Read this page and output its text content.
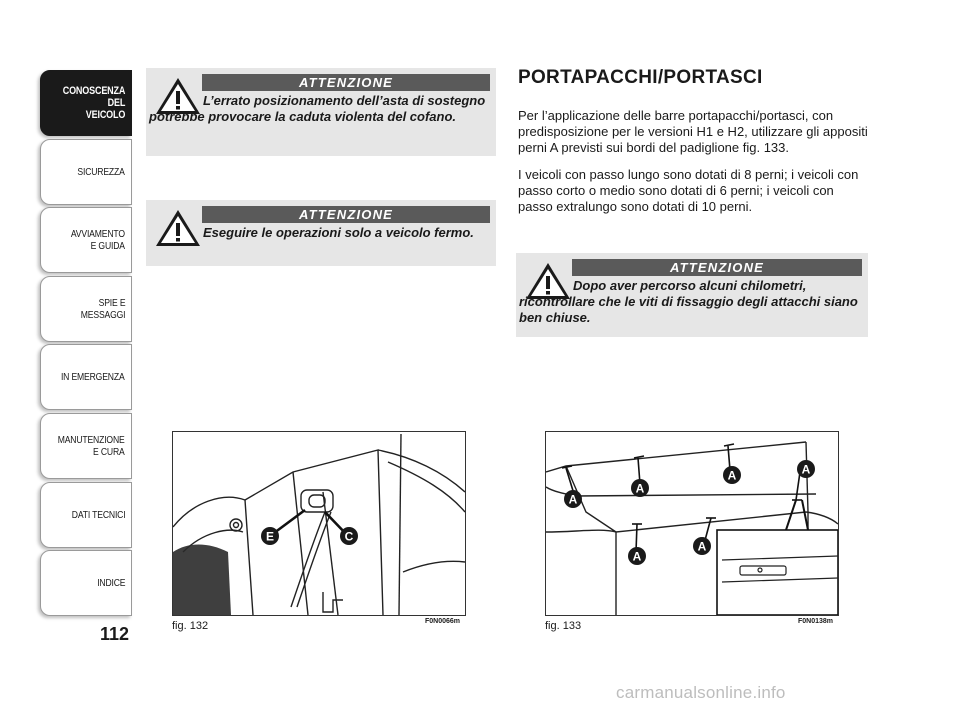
CONOSCENZA
DEL
VEICOLO
SICUREZZA
AVVIAMENTO
E GUIDA
SPIE E
MESSAGGI
IN EMERGENZA
MANUTENZIONE
E CURA
DATI TECNICI
INDICE
112
ATTENZIONE
L’errato posizionamento dell’asta di sostegno potrebbe provocare la caduta violenta del cofano.
ATTENZIONE
Eseguire le operazioni solo a veicolo fermo.
ATTENZIONE
Dopo aver percorso alcuni chilometri, ricontrollare che le viti di fissaggio degli attacchi siano ben chiuse.
PORTAPACCHI/PORTASCI

Per l’applicazione delle barre portapacchi/portasci, con predisposizione per le versioni H1 e H2, utilizzare gli appositi perni A previsti sui bordi del padiglione fig. 133.

I veicoli con passo lungo sono dotati di 8 perni; i veicoli con passo corto o medio sono dotati di 6 perni; i veicoli con passo extralungo sono dotati di 10 perni.

E	C
fig. 132	F0N0066m
A
A
A	A
A
A
fig. 133	F0N0138m
carmanualsonline.info
